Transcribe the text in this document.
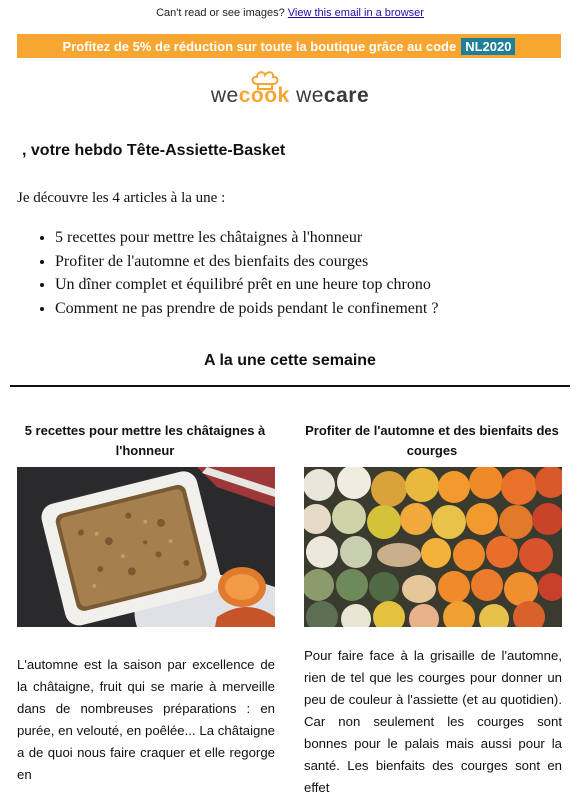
Can't read or see images? View this email in a browser
Profitez de 5% de réduction sur toute la boutique grâce au code NL2020
wecook wecare
, votre hebdo Tête-Assiette-Basket
Je découvre les 4 articles à la une :
• 5 recettes pour mettre les châtaignes à l'honneur
• Profiter de l'automne et des bienfaits des courges
• Un dîner complet et équilibré prêt en une heure top chrono
• Comment ne pas prendre de poids pendant le confinement ?
A la une cette semaine
5 recettes pour mettre les châtaignes à l'honneur
L'automne est la saison par excellence de la châtaigne, fruit qui se marie à merveille dans de nombreuses préparations : en purée, en velouté, en poêlée... La châtaigne a de quoi nous faire craquer et elle regorge en
Profiter de l'automne et des bienfaits des courges
Pour faire face à la grisaille de l'automne, rien de tel que les courges pour donner un peu de couleur à l'assiette (et au quotidien). Car non seulement les courges sont bonnes pour le palais mais aussi pour la santé. Les bienfaits des courges sont en effet
